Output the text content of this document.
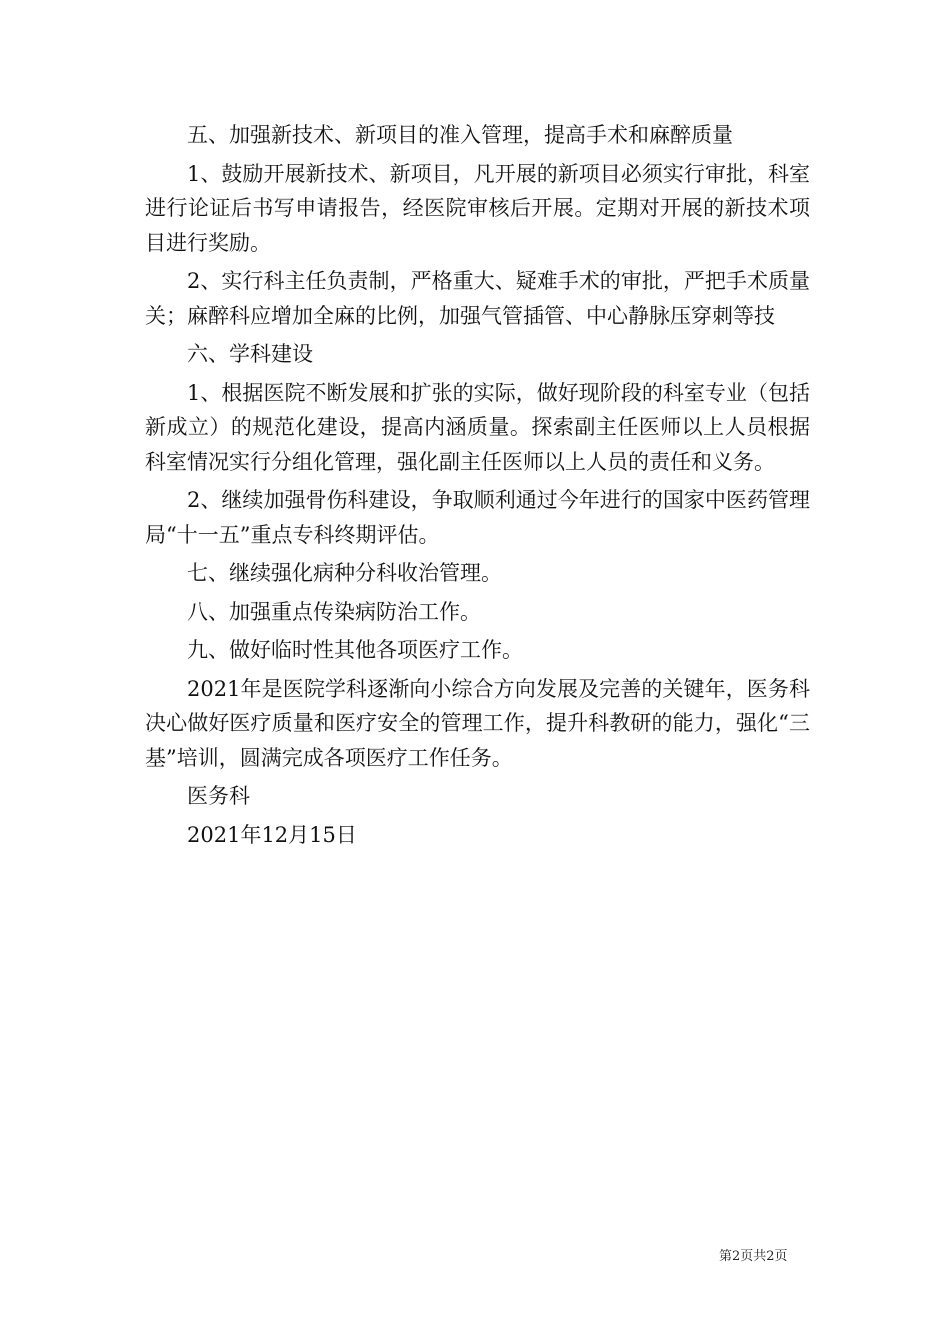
五、加强新技术、新项目的准入管理，提高手术和麻醉质量

1、鼓励开展新技术、新项目，凡开展的新项目必须实行审批，科室进行论证后书写申请报告，经医院审核后开展。定期对开展的新技术项目进行奖励。

2、实行科主任负责制，严格重大、疑难手术的审批，严把手术质量关；麻醉科应增加全麻的比例，加强气管插管、中心静脉压穿刺等技

六、学科建设

1、根据医院不断发展和扩张的实际，做好现阶段的科室专业（包括新成立）的规范化建设，提高内涵质量。探索副主任医师以上人员根据科室情况实行分组化管理，强化副主任医师以上人员的责任和义务。

2、继续加强骨伤科建设，争取顺利通过今年进行的国家中医药管理局“十一五”重点专科终期评估。

七、继续强化病种分科收治管理。

八、加强重点传染病防治工作。

九、做好临时性其他各项医疗工作。

2021年是医院学科逐渐向小综合方向发展及完善的关键年，医务科决心做好医疗质量和医疗安全的管理工作，提升科教研的能力，强化“三基”培训，圆满完成各项医疗工作任务。

医务科

2021年12月15日

第2页共2页
